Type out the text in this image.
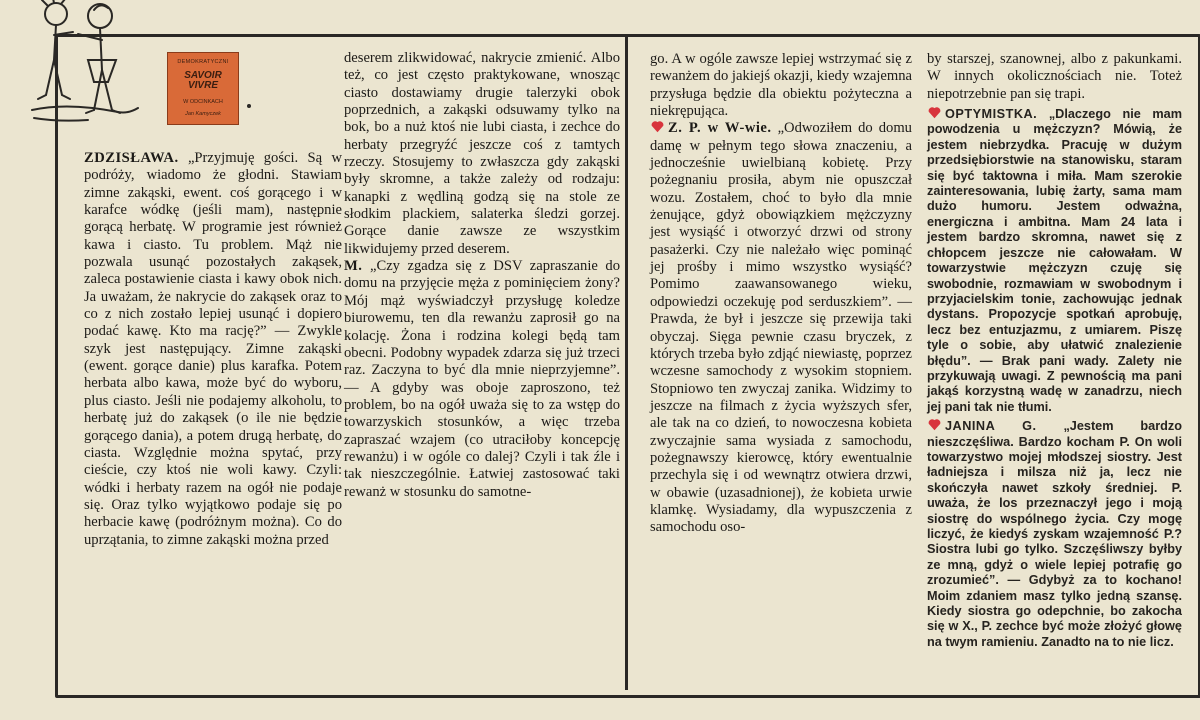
DEMOKRATYCZNI
SAVOIR VIVRE
W ODCINKACH
Jan Kamyczek

ZDZISŁAWA. „Przyjmuję gości. Są w podróży, wiadomo że głodni. Stawiam zimne zakąski, ewent. coś gorącego i w karafce wódkę (jeśli mam), następnie gorącą herbatę. W programie jest również kawa i ciasto. Tu problem. Mąż nie pozwala usunąć pozostałych zakąsek, zaleca postawienie ciasta i kawy obok nich. Ja uważam, że nakrycie do zakąsek oraz to co z nich zostało lepiej usunąć i dopiero podać kawę. Kto ma rację?” — Zwykle szyk jest następujący. Zimne zakąski (ewent. gorące danie) plus karafka. Potem herbata albo kawa, może być do wyboru, plus ciasto. Jeśli nie podajemy alkoholu, to herbatę już do zakąsek (o ile nie będzie gorącego dania), a potem drugą herbatę, do ciasta. Względnie można spytać, przy cieście, czy ktoś nie woli kawy. Czyli: wódki i herbaty razem na ogół nie podaje się. Oraz tylko wyjątkowo podaje się po herbacie kawę (podróżnym można). Co do uprzątania, to zimne zakąski można przed

deserem zlikwidować, nakrycie zmienić. Albo też, co jest często praktykowane, wnosząc ciasto dostawiamy drugie talerzyki obok poprzednich, a zakąski odsuwamy tylko na bok, bo a nuż ktoś nie lubi ciasta, i zechce do herbaty przegryźć jeszcze coś z tamtych rzeczy. Stosujemy to zwłaszcza gdy zakąski były skromne, a także zależy od rodzaju: kanapki z wędliną godzą się na stole ze słodkim plackiem, salaterka śledzi gorzej. Gorące danie zawsze ze wszystkim likwidujemy przed deserem.

M. „Czy zgadza się z DSV zapraszanie do domu na przyjęcie męża z pominięciem żony? Mój mąż wyświadczył przysługę koledze biurowemu, ten dla rewanżu zaprosił go na kolację. Żona i rodzina kolegi będą tam obecni. Podobny wypadek zdarza się już trzeci raz. Zaczyna to być dla mnie nieprzyjemne”. — A gdyby was oboje zaproszono, też problem, bo na ogół uważa się to za wstęp do towarzyskich stosunków, a więc trzeba zapraszać wzajem (co utraciłoby koncepcję rewanżu) i w ogóle co dalej? Czyli i tak źle i tak nieszczególnie. Łatwiej zastosować taki rewanż w stosunku do samotne-

go. A w ogóle zawsze lepiej wstrzymać się z rewanżem do jakiejś okazji, kiedy wzajemna przysługa będzie dla obiektu pożyteczna a niekrępująca.

Z. P. w W-wie. „Odwoziłem do domu damę w pełnym tego słowa znaczeniu, a jednocześnie uwielbianą kobietę. Przy pożegnaniu prosiła, abym nie opuszczał wozu. Zostałem, choć to było dla mnie żenujące, gdyż obowiązkiem mężczyzny jest wysiąść i otworzyć drzwi od strony pasażerki. Czy nie należało więc pominąć jej prośby i mimo wszystko wysiąść? Pomimo zaawansowanego wieku, odpowiedzi oczekuję pod serduszkiem”. — Prawda, że był i jeszcze się przewija taki obyczaj. Sięga pewnie czasu bryczek, z których trzeba było zdjąć niewiastę, poprzez wczesne samochody z wysokim stopniem. Stopniowo ten zwyczaj zanika. Widzimy to jeszcze na filmach z życia wyższych sfer, ale tak na co dzień, to nowoczesna kobieta zwyczajnie sama wysiada z samochodu, pożegnawszy kierowcę, który ewentualnie przechyla się i od wewnątrz otwiera drzwi, w obawie (uzasadnionej), że kobieta urwie klamkę. Wysiadamy, dla wypuszczenia z samochodu oso-

by starszej, szanownej, albo z pakunkami. W innych okolicznościach nie. Toteż niepotrzebnie pan się trapi.

OPTYMISTKA. „Dlaczego nie mam powodzenia u mężczyzn? Mówią, że jestem niebrzydka. Pracuję w dużym przedsiębiorstwie na stanowisku, staram się być taktowna i miła. Mam szerokie zainteresowania, lubię żarty, sama mam dużo humoru. Jestem odważna, energiczna i ambitna. Mam 24 lata i jestem bardzo skromna, nawet się z chłopcem jeszcze nie całowałam. W towarzystwie mężczyzn czuję się swobodnie, rozmawiam w swobodnym i przyjacielskim tonie, zachowując jednak dystans. Propozycje spotkań aprobuję, lecz bez entuzjazmu, z umiarem. Piszę tyle o sobie, aby ułatwić znalezienie błędu”. — Brak pani wady. Zalety nie przykuwają uwagi. Z pewnością ma pani jakąś korzystną wadę w zanadrzu, niech jej pani tak nie tłumi.

JANINA G. „Jestem bardzo nieszczęśliwa. Bardzo kocham P. On woli towarzystwo mojej młodszej siostry. Jest ładniejsza i milsza niż ja, lecz nie skończyła nawet szkoły średniej. P. uważa, że los przeznaczył jego i moją siostrę do wspólnego życia. Czy mogę liczyć, że kiedyś zyskam wzajemność P.? Siostra lubi go tylko. Szczęśliwszy byłby ze mną, gdyż o wiele lepiej potrafię go zrozumieć”. — Gdybyż za to kochano! Moim zdaniem masz tylko jedną szansę. Kiedy siostra go odepchnie, bo zakocha się w X., P. zechce być może złożyć głowę na twym ramieniu. Zanadto na to nie licz.
